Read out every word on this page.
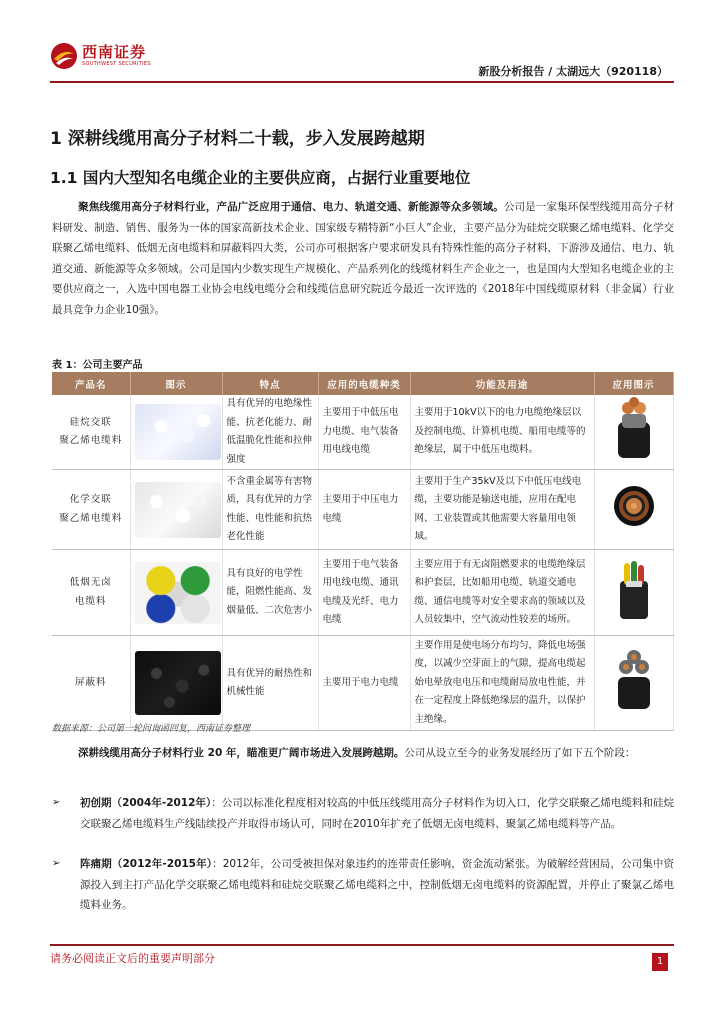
西南证券
SOUTHWEST SECURITIES
新股分析报告 / 太湖远大（920118）
1 深耕线缆用高分子材料二十载，步入发展跨越期
1.1 国内大型知名电缆企业的主要供应商，占据行业重要地位
聚焦线缆用高分子材料行业，产品广泛应用于通信、电力、轨道交通、新能源等众多领域。公司是一家集环保型线缆用高分子材料研发、制造、销售、服务为一体的国家高新技术企业、国家级专精特新“小巨人”企业，主要产品分为硅烷交联聚乙烯电缆料、化学交联聚乙烯电缆料、低烟无卤电缆料和屏蔽料四大类，公司亦可根据客户要求研发具有特殊性能的高分子材料，下游涉及通信、电力、轨道交通、新能源等众多领域。公司是国内少数实现生产规模化、产品系列化的线缆材料生产企业之一，也是国内大型知名电缆企业的主要供应商之一，入选中国电器工业协会电线电缆分会和线缆信息研究院近今最近一次评选的《2018年中国线缆原材料（非金属）行业最具竞争力企业10强》。
表 1：公司主要产品
产品名	图示	特点	应用的电缆种类	功能及用途	应用图示
硅烷交联
聚乙烯电缆料		具有优异的电绝缘性能、抗老化能力、耐低温脆化性能和拉伸强度	主要用于中低压电力电缆、电气装备用电线电缆	主要用于10kV以下的电力电缆绝缘层以及控制电缆、计算机电缆、船用电缆等的绝缘层，属于中低压电缆料。	
化学交联
聚乙烯电缆料		不含重金属等有害物质，具有优异的力学性能、电性能和抗热老化性能	主要用于中压电力电缆	主要用于生产35kV及以下中低压电线电缆，主要功能是输送电能，应用在配电网、工业装置或其他需要大容量用电领域。	
低烟无卤
电缆料		具有良好的电学性能，阻燃性能高、发烟量低、二次危害小	主要用于电气装备用电线电缆、通讯电缆及光纤、电力电缆	主要应用于有无卤阻燃要求的电缆绝缘层和护套层，比如船用电缆、轨道交通电缆、通信电缆等对安全要求高的领域以及人员较集中，空气流动性较差的场所。	
屏蔽料		具有优异的耐热性和机械性能	主要用于电力电缆	主要作用是使电场分布均匀，降低电场强度，以减少空芽面上的气隙，提高电缆起始电晕放电电压和电缆耐局放电性能，并在一定程度上降低绝缘层的温升，以保护主绝缘。	
数据来源：公司第一轮问询函回复，西南证券整理
深耕线缆用高分子材料行业 20 年，瞄准更广阔市场进入发展跨越期。公司从设立至今的业务发展经历了如下五个阶段：
➢ 初创期（2004年-2012年）：公司以标准化程度相对较高的中低压线缆用高分子材料作为切入口，化学交联聚乙烯电缆料和硅烷交联聚乙烯电缆料生产线陆续投产并取得市场认可，同时在2010年扩充了低烟无卤电缆料、聚氯乙烯电缆料等产品。
➢ 阵痛期（2012年-2015年）：2012年，公司受被担保对象违约的连带责任影响，资金流动紧张。为破解经营困局，公司集中资源投入到主打产品化学交联聚乙烯电缆料和硅烷交联聚乙烯电缆料之中，控制低烟无卤电缆料的资源配置，并停止了聚氯乙烯电缆料业务。
请务必阅读正文后的重要声明部分	1
